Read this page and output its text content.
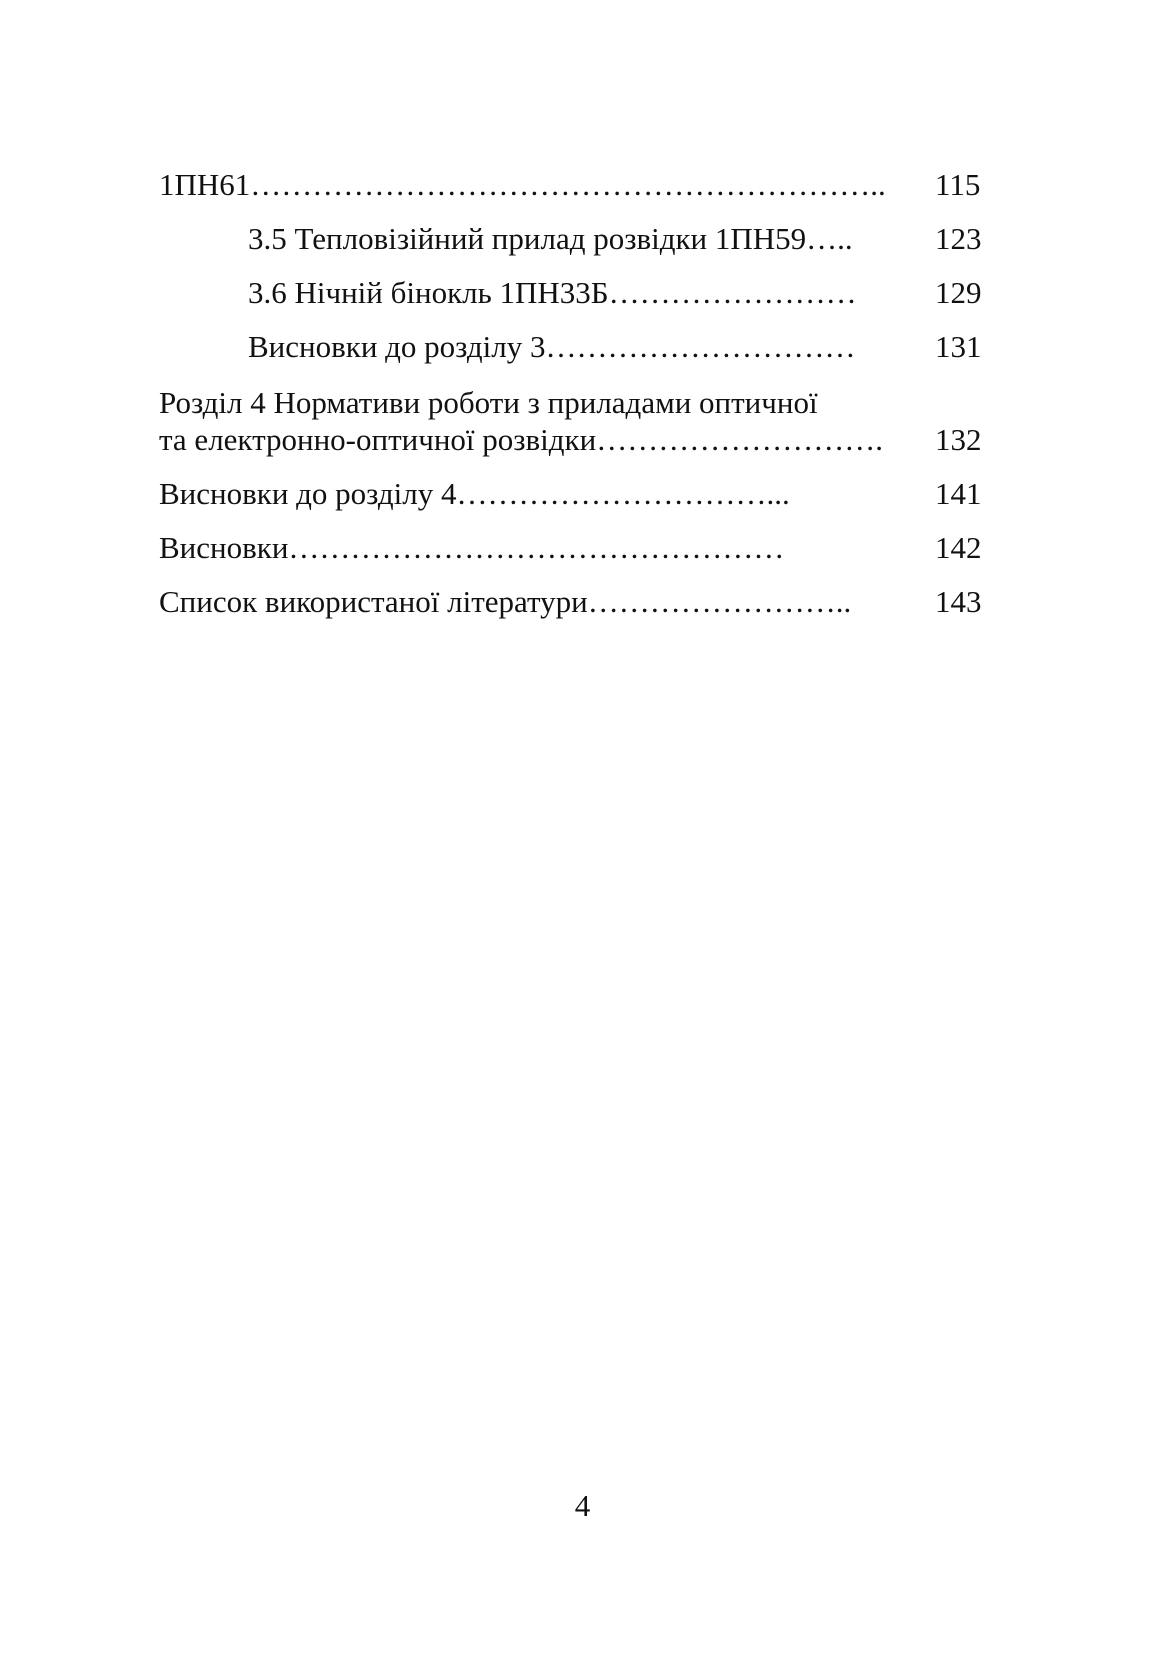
1ПН61…………………………………………………….. 115
3.5 Тепловізійний прилад розвідки 1ПН59…..	123
3.6 Нічній бінокль 1ПН33Б……………………	129
Висновки до розділу 3…………………………	131
Розділ 4 Нормативи роботи з приладами оптичної
та електронно-оптичної розвідки………………………. 132
Висновки до розділу 4…………………………...	141
Висновки…………………………………………	142
Список використаної літератури……………………..	143
4
